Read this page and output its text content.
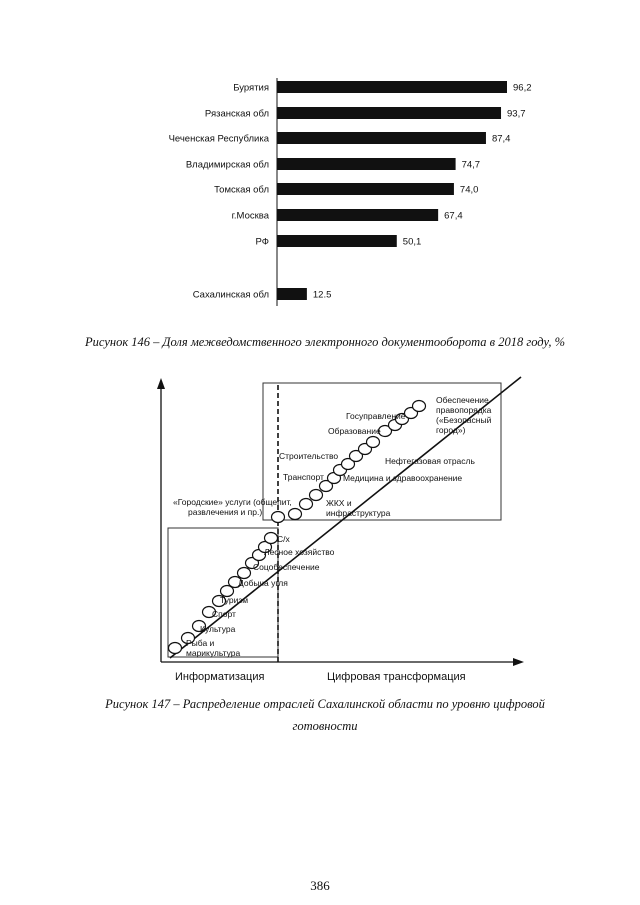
Бурятия	96,2
Рязанская обл	93,7
Чеченская Республика	87,4
Владимирская обл	74,7
Томская обл	74,0
г.Москва	67,4
РФ	50,1
Сахалинская обл	12.5
Рисунок 146 – Доля межведомственного электронного документооборота в 2018 году, %
Рыба и
марикультура
Культура
Спорт
Туризм
Добыча угля
Соцобеспечение
Лесное хозяйство
С/х
«Городские» услуги (общепит,
развлечения и пр.)
ЖКХ и
инфраструктура
Транспорт Медицина и здравоохранение
Строительство	Нефтегазовая отрасль
Образование
Госуправление
Обеспечение
правопорядка
(«Безопасный
город»)
Информатизация	Цифровая трансформация
Рисунок 147 – Распределение отраслей Сахалинской области по уровню цифровой
готовности
386
